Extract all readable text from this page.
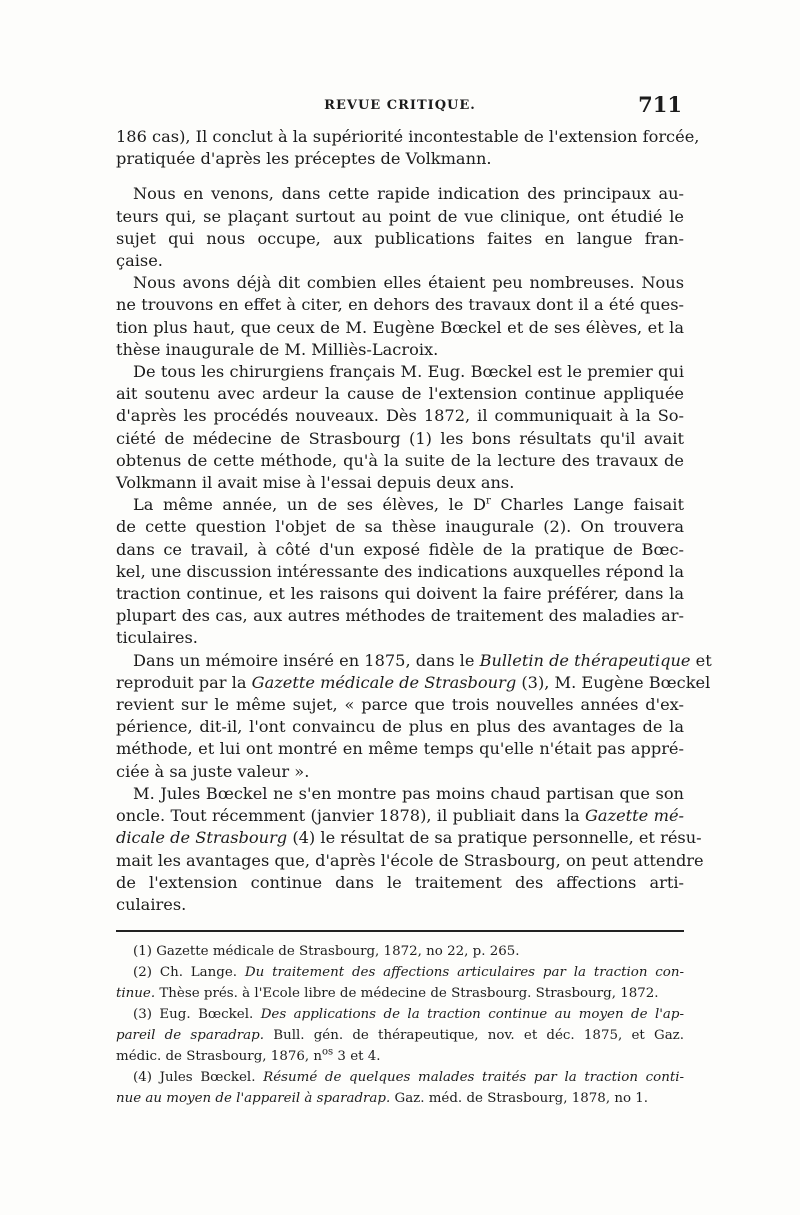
REVUE CRITIQUE.	711

186 cas), Il conclut à la supériorité incontestable de l'extension forcée,
pratiquée d'après les préceptes de Volkmann.

Nous en venons, dans cette rapide indication des principaux au-
teurs qui, se plaçant surtout au point de vue clinique, ont étudié le
sujet qui nous occupe, aux publications faites en langue fran-
çaise.

Nous avons déjà dit combien elles étaient peu nombreuses. Nous
ne trouvons en effet à citer, en dehors des travaux dont il a été ques-
tion plus haut, que ceux de M. Eugène Bœckel et de ses élèves, et la
thèse inaugurale de M. Milliès-Lacroix.

De tous les chirurgiens français M. Eug. Bœckel est le premier qui
ait soutenu avec ardeur la cause de l'extension continue appliquée
d'après les procédés nouveaux. Dès 1872, il communiquait à la So-
ciété de médecine de Strasbourg (1) les bons résultats qu'il avait
obtenus de cette méthode, qu'à la suite de la lecture des travaux de
Volkmann il avait mise à l'essai depuis deux ans.

La même année, un de ses élèves, le $D^r$ Charles Lange faisait
de cette question l'objet de sa thèse inaugurale (2). On trouvera
dans ce travail, à côté d'un exposé fidèle de la pratique de Bœc-
kel, une discussion intéressante des indications auxquelles répond la
traction continue, et les raisons qui doivent la faire préférer, dans la
plupart des cas, aux autres méthodes de traitement des maladies ar-
ticulaires.

Dans un mémoire inséré en 1875, dans le Bulletin de thérapeutique et
reproduit par la Gazette médicale de Strasbourg (3), M. Eugène Bœckel
revient sur le même sujet, « parce que trois nouvelles années d'ex-
périence, dit-il, l'ont convaincu de plus en plus des avantages de la
méthode, et lui ont montré en même temps qu'elle n'était pas appré-
ciée à sa juste valeur ».

M. Jules Bœckel ne s'en montre pas moins chaud partisan que son
oncle. Tout récemment (janvier 1878), il publiait dans la Gazette mé-
dicale de Strasbourg (4) le résultat de sa pratique personnelle, et résu-
mait les avantages que, d'après l'école de Strasbourg, on peut attendre
de l'extension continue dans le traitement des affections arti-
culaires.

(1) Gazette médicale de Strasbourg, 1872, no 22, p. 265.

(2) Ch. Lange. Du traitement des affections articulaires par la traction con-
tinue. Thèse prés. à l'Ecole libre de médecine de Strasbourg. Strasbourg, 1872.

(3) Eug. Bœckel. Des applications de la traction continue au moyen de l'ap-
pareil de sparadrap. Bull. gén. de thérapeutique, nov. et déc. 1875, et Gaz.
médic. de Strasbourg, 1876, $n^{os}$ 3 et 4.

(4) Jules Bœckel. Résumé de quelques malades traités par la traction conti-
nue au moyen de l'appareil à sparadrap. Gaz. méd. de Strasbourg, 1878, no 1.
